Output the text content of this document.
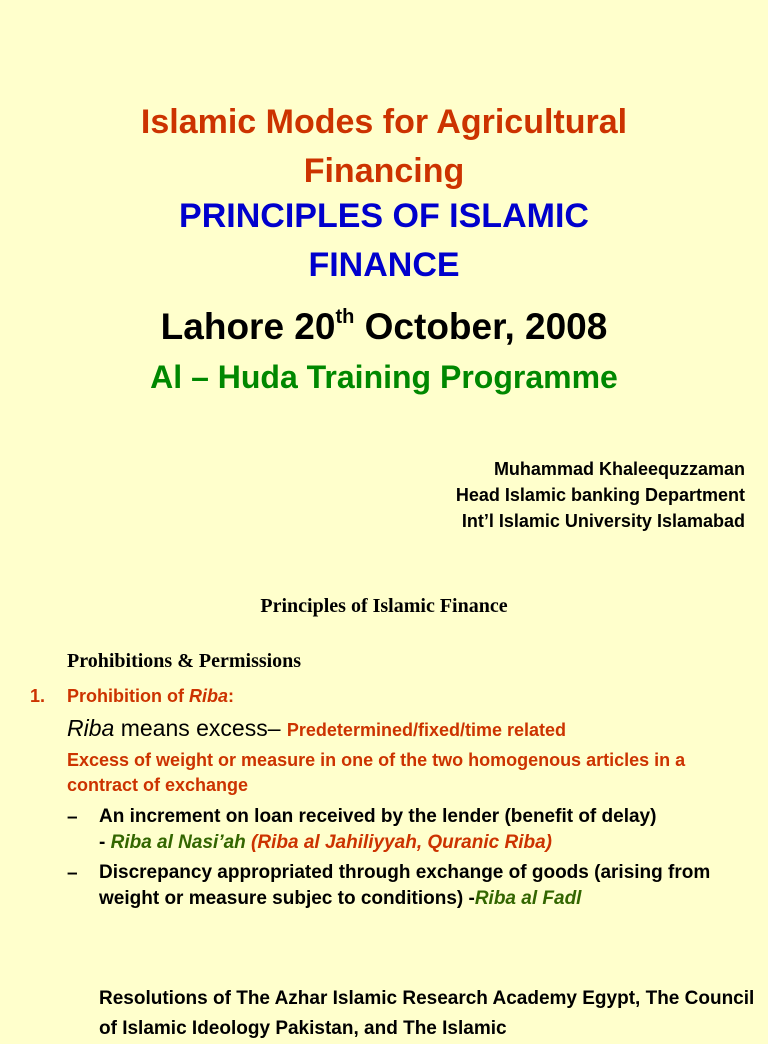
Islamic Modes for Agricultural
Financing
PRINCIPLES OF ISLAMIC
FINANCE
Lahore 20th October, 2008
Al – Huda Training Programme
Muhammad Khaleequzzaman
Head Islamic banking Department
Int’l Islamic University Islamabad
Principles of Islamic Finance
Prohibitions & Permissions
1. Prohibition of Riba:
Riba means excess– Predetermined/fixed/time related
Excess of weight or measure in one of the two homogenous articles in a contract of exchange
– An increment on loan received by the lender (benefit of delay)
- Riba al Nasi’ah (Riba al Jahiliyyah, Quranic Riba)
– Discrepancy appropriated through exchange of goods (arising from weight or measure subjec to conditions) -Riba al Fadl
Resolutions of The Azhar Islamic Research Academy Egypt, The Council of Islamic Ideology Pakistan, and The Islamic
